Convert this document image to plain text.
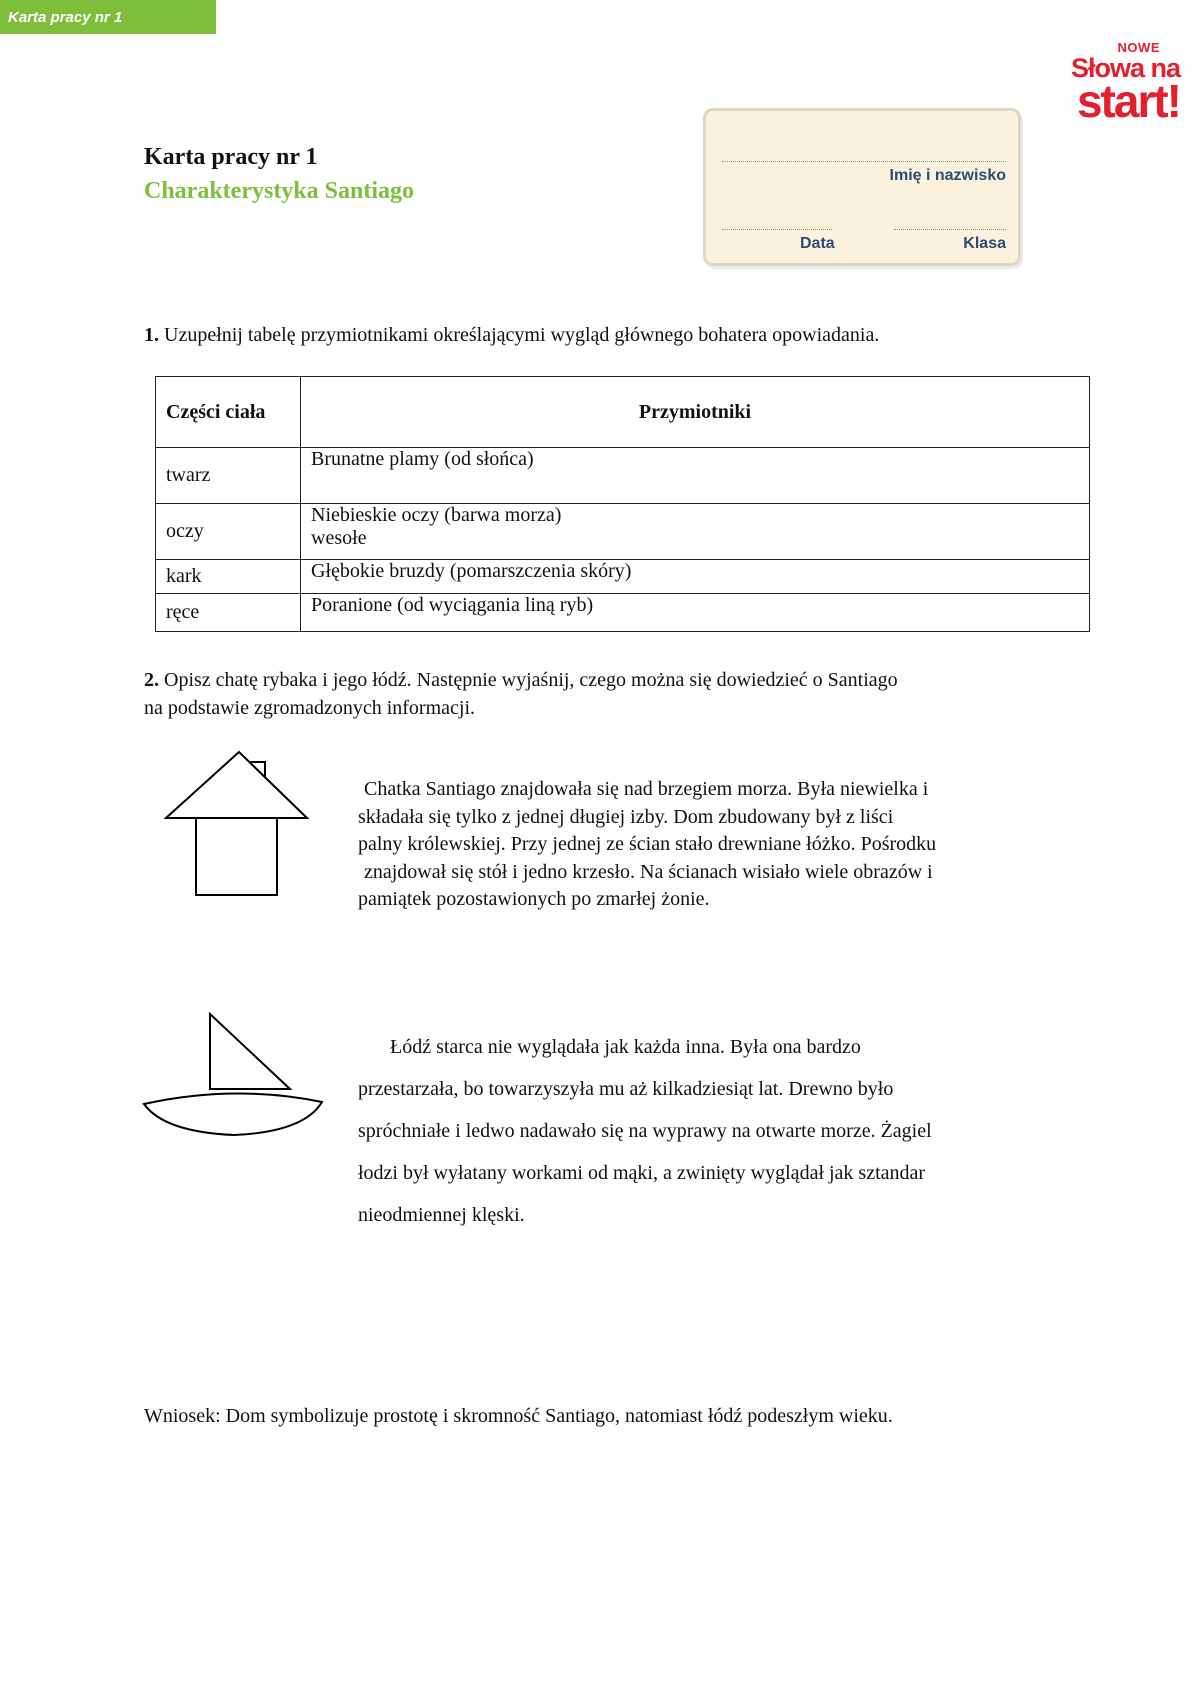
Karta pracy nr 1
NOWE
Słowa na
start!
Karta pracy nr 1
Charakterystyka Santiago
Imię i nazwisko
Data	Klasa
1. Uzupełnij tabelę przymiotnikami określającymi wygląd głównego bohatera opowiadania.
Części ciała	Przymiotniki
twarz	Brunatne plamy (od słońca)

oczy	Niebieskie oczy (barwa morza)
wesołe

kark	Głębokie bruzdy (pomarszczenia skóry)

ręce	Poranione (od wyciągania liną ryb)
2. Opisz chatę rybaka i jego łódź. Następnie wyjaśnij, czego można się dowiedzieć o Santiago
na podstawie zgromadzonych informacji.
Chatka Santiago znajdowała się nad brzegiem morza. Była niewielka i
składała się tylko z jednej długiej izby. Dom zbudowany był z liści
palny królewskiej. Przy jednej ze ścian stało drewniane łóżko. Pośrodku
znajdował się stół i jedno krzesło. Na ścianach wisiało wiele obrazów i
pamiątek pozostawionych po zmarłej żonie.
Łódź starca nie wyglądała jak każda inna. Była ona bardzo
przestarzała, bo towarzyszyła mu aż kilkadziesiąt lat. Drewno było
spróchniałe i ledwo nadawało się na wyprawy na otwarte morze. Żagiel
łodzi był wyłatany workami od mąki, a zwinięty wyglądał jak sztandar
nieodmiennej klęski.
Wniosek: Dom symbolizuje prostotę i skromność Santiago, natomiast łódź podeszłym wieku.
